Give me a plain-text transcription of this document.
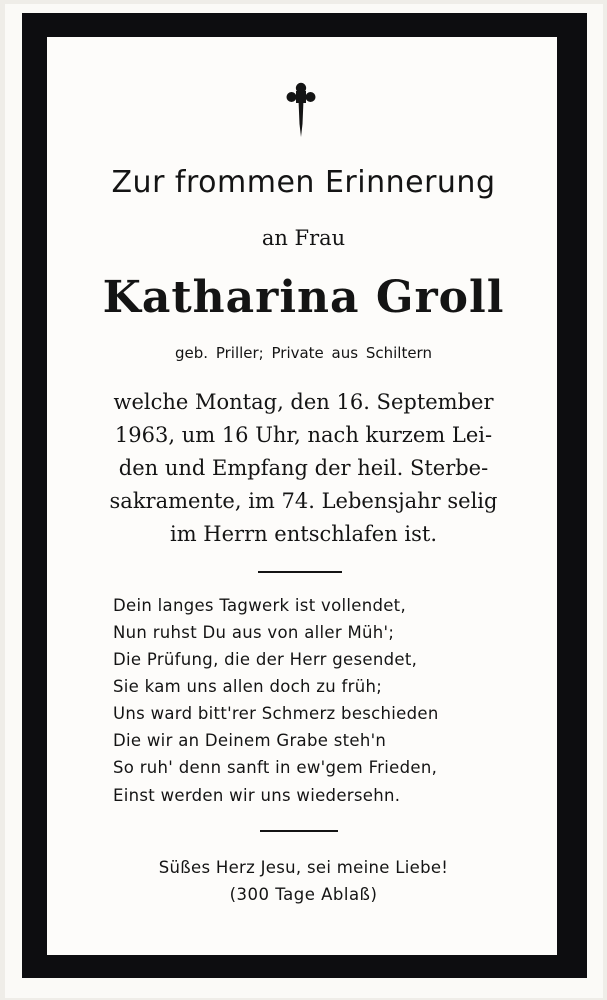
Zur frommen Erinnerung
an Frau
Katharina Groll
geb. Priller; Private aus Schiltern
welche Montag, den 16. September
1963, um 16 Uhr, nach kurzem Lei-
den und Empfang der heil. Sterbe-
sakramente, im 74. Lebensjahr selig
im Herrn entschlafen ist.
Dein langes Tagwerk ist vollendet,
Nun ruhst Du aus von aller Müh';
Die Prüfung, die der Herr gesendet,
Sie kam uns allen doch zu früh;
Uns ward bitt'rer Schmerz beschieden
Die wir an Deinem Grabe steh'n
So ruh' denn sanft in ew'gem Frieden,
Einst werden wir uns wiedersehn.
Süßes Herz Jesu, sei meine Liebe!
(300 Tage Ablaß)
